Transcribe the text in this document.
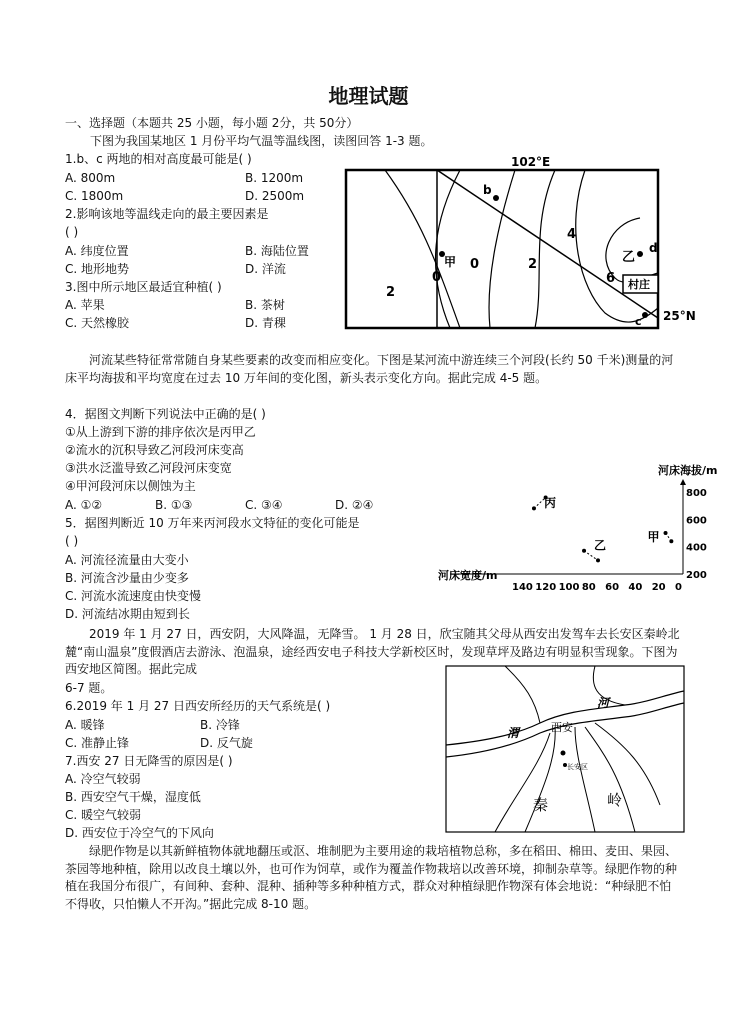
地理试题
一、选择题（本题共 25 小题，每小题 2分，共 50分）
下图为我国某地区 1 月份平均气温等温线图，读图回答 1-3 题。
1.b、c 两地的相对高度最可能是( )
A. 800m	B. 1200m
C. 1800m	D. 2500m
2.影响该地等温线走向的最主要因素是
( )
A. 纬度位置	B. 海陆位置
C. 地形地势	D. 洋流
3.图中所示地区最适宜种植( )
A. 苹果	B. 茶树
C. 天然橡胶	D. 青稞
102°E
25°N
2
0
0	2
4
6
b
甲	乙
d
c
村庄
河流某些特征常常随自身某些要素的改变而相应变化。下图是某河流中游连续三个河段(长约 50 千米)测量的河床平均海拔和平均宽度在过去 10 万年间的变化图，新头表示变化方向。据此完成 4-5 题。
4．据图文判断下列说法中正确的是( )
①从上游到下游的排序依次是丙甲乙
②流水的沉积导致乙河段河床变高
③洪水泛滥导致乙河段河床变宽
④甲河段河床以侧蚀为主
A. ①②	B. ①③	C. ③④	D. ②④
5．据图判断近 10 万年来丙河段水文特征的变化可能是
( )
A. 河流径流量由大变小
B. 河流含沙量由少变多
C. 河流水流速度由快变慢
D. 河流结冰期由短到长
河床海拔/m
河床宽度/m
140 120 100 80 60 40 20 0
200
400
600
800
丙
乙
甲
2019 年 1 月 27 日，西安阴，大风降温，无降雪。 1 月 28 日，欣宝随其父母从西安出发驾车去长安区秦岭北麓“南山温泉”度假酒店去游泳、泡温泉，途经西安电子科技大学新校区时，发现草坪及路边有明显积雪现象。下图为西安地区简图。据此完成
6-7 题。
6.2019 年 1 月 27 日西安所经历的天气系统是( )
A. 暖锋	B. 冷锋
C. 准静止锋	D. 反气旋
7.西安 27 日无降雪的原因是( )
A. 冷空气较弱
B. 西安空气干燥，湿度低
C. 暖空气较弱
D. 西安位于冷空气的下风向
渭
河
西安
长安区
秦	岭
绿肥作物是以其新鲜植物体就地翻压或沤、堆制肥为主要用途的栽培植物总称，多在稻田、棉田、麦田、果园、茶园等地种植，除用以改良土壤以外，也可作为饲草，或作为覆盖作物栽培以改善环境，抑制杂草等。绿肥作物的种植在我国分布很广，有间种、套种、混种、插种等多种种植方式，群众对种植绿肥作物深有体会地说：“种绿肥不怕不得收，只怕懒人不开沟。”据此完成 8-10 题。
